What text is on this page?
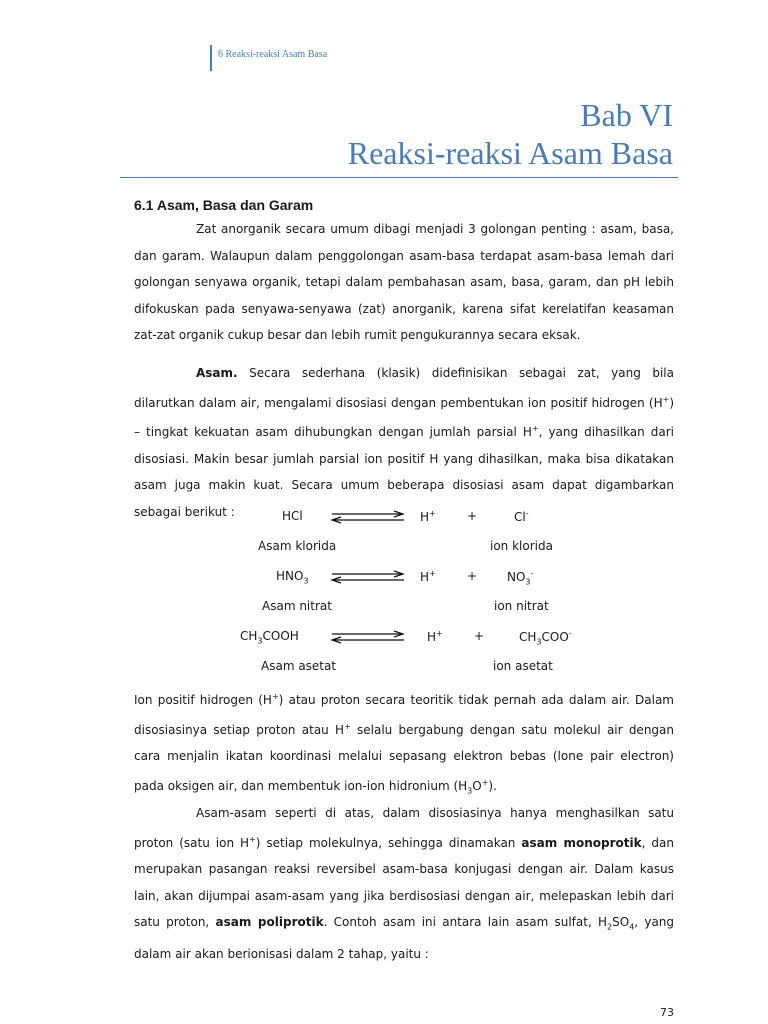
6 Reaksi-reaksi Asam Basa
Bab VI
Reaksi-reaksi Asam Basa
6.1 Asam, Basa dan Garam

Zat anorganik secara umum dibagi menjadi 3 golongan penting : asam, basa, dan garam. Walaupun dalam penggolongan asam-basa terdapat asam-basa lemah dari golongan senyawa organik, tetapi dalam pembahasan asam, basa, garam, dan pH lebih difokuskan pada senyawa-senyawa (zat) anorganik, karena sifat kerelatifan keasaman zat-zat organik cukup besar dan lebih rumit pengukurannya secara eksak.

Asam. Secara sederhana (klasik) didefinisikan sebagai zat, yang bila dilarutkan dalam air, mengalami disosiasi dengan pembentukan ion positif hidrogen (H+) – tingkat kekuatan asam dihubungkan dengan jumlah parsial H+, yang dihasilkan dari disosiasi. Makin besar jumlah parsial ion positif H yang dihasilkan, maka bisa dikatakan asam juga makin kuat. Secara umum beberapa disosiasi asam dapat digambarkan sebagai berikut :	HCl	H+	+	Cl-
Asam klorida	ion klorida
$HNO_3$	H+	+ $NO_3^-$
Asam nitrat	ion nitrat
$CH_3COOH$	H+	+	$CH_3COO^-$
Asam asetat	ion asetat

Ion positif hidrogen (H+) atau proton secara teoritik tidak pernah ada dalam air. Dalam disosiasinya setiap proton atau H+ selalu bergabung dengan satu molekul air dengan cara menjalin ikatan koordinasi melalui sepasang elektron bebas (lone pair electron) pada oksigen air, dan membentuk ion-ion hidronium $(H_3O^+)$.

Asam-asam seperti di atas, dalam disosiasinya hanya menghasilkan satu proton (satu ion H+) setiap molekulnya, sehingga dinamakan asam monoprotik, dan merupakan pasangan reaksi reversibel asam-basa konjugasi dengan air. Dalam kasus lain, akan dijumpai asam-asam yang jika berdisosiasi dengan air, melepaskan lebih dari satu proton, asam poliprotik. Contoh asam ini antara lain asam sulfat, $H_2SO_4$, yang dalam air akan berionisasi dalam 2 tahap, yaitu :

73
